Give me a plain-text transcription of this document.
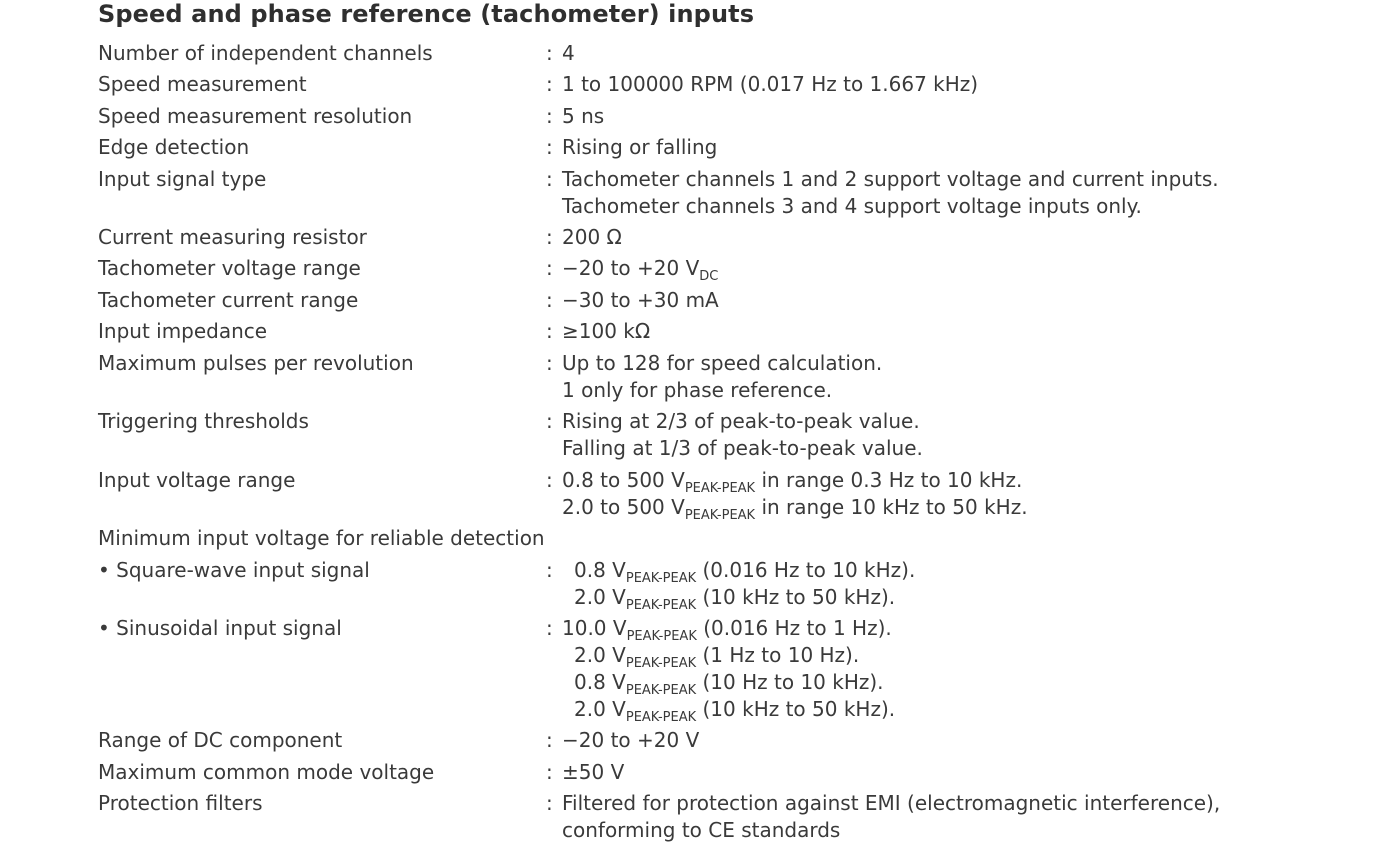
Speed and phase reference (tachometer) inputs
Number of independent channels	: 4
Speed measurement	: 1 to 100000 RPM (0.017 Hz to 1.667 kHz)
Speed measurement resolution	: 5 ns
Edge detection	: Rising or falling
Input signal type	: Tachometer channels 1 and 2 support voltage and current inputs.
Tachometer channels 3 and 4 support voltage inputs only.
Current measuring resistor	: 200 Ω
Tachometer voltage range	: −20 to +20 $V_{DC}$
Tachometer current range	: −30 to +30 mA
Input impedance	: ≥100 kΩ
Maximum pulses per revolution	: Up to 128 for speed calculation.
1 only for phase reference.
Triggering thresholds	: Rising at 2/3 of peak-to-peak value.
Falling at 1/3 of peak-to-peak value.
Input voltage range	: 0.8 to 500 $V_{PEAK-PEAK}$ in range 0.3 Hz to 10 kHz.
2.0 to 500 $V_{PEAK-PEAK}$ in range 10 kHz to 50 kHz.
Minimum input voltage for reliable detection
• Square-wave input signal	:	0.8 $V_{PEAK-PEAK}$ (0.016 Hz to 10 kHz).
2.0 $V_{PEAK-PEAK}$ (10 kHz to 50 kHz).
• Sinusoidal input signal	: 10.0 $V_{PEAK-PEAK}$ (0.016 Hz to 1 Hz).
2.0 $V_{PEAK-PEAK}$ (1 Hz to 10 Hz).
0.8 $V_{PEAK-PEAK}$ (10 Hz to 10 kHz).
2.0 $V_{PEAK-PEAK}$ (10 kHz to 50 kHz).
Range of DC component	: −20 to +20 V
Maximum common mode voltage	: ±50 V
Protection filters	: Filtered for protection against EMI (electromagnetic interference),
conforming to CE standards
